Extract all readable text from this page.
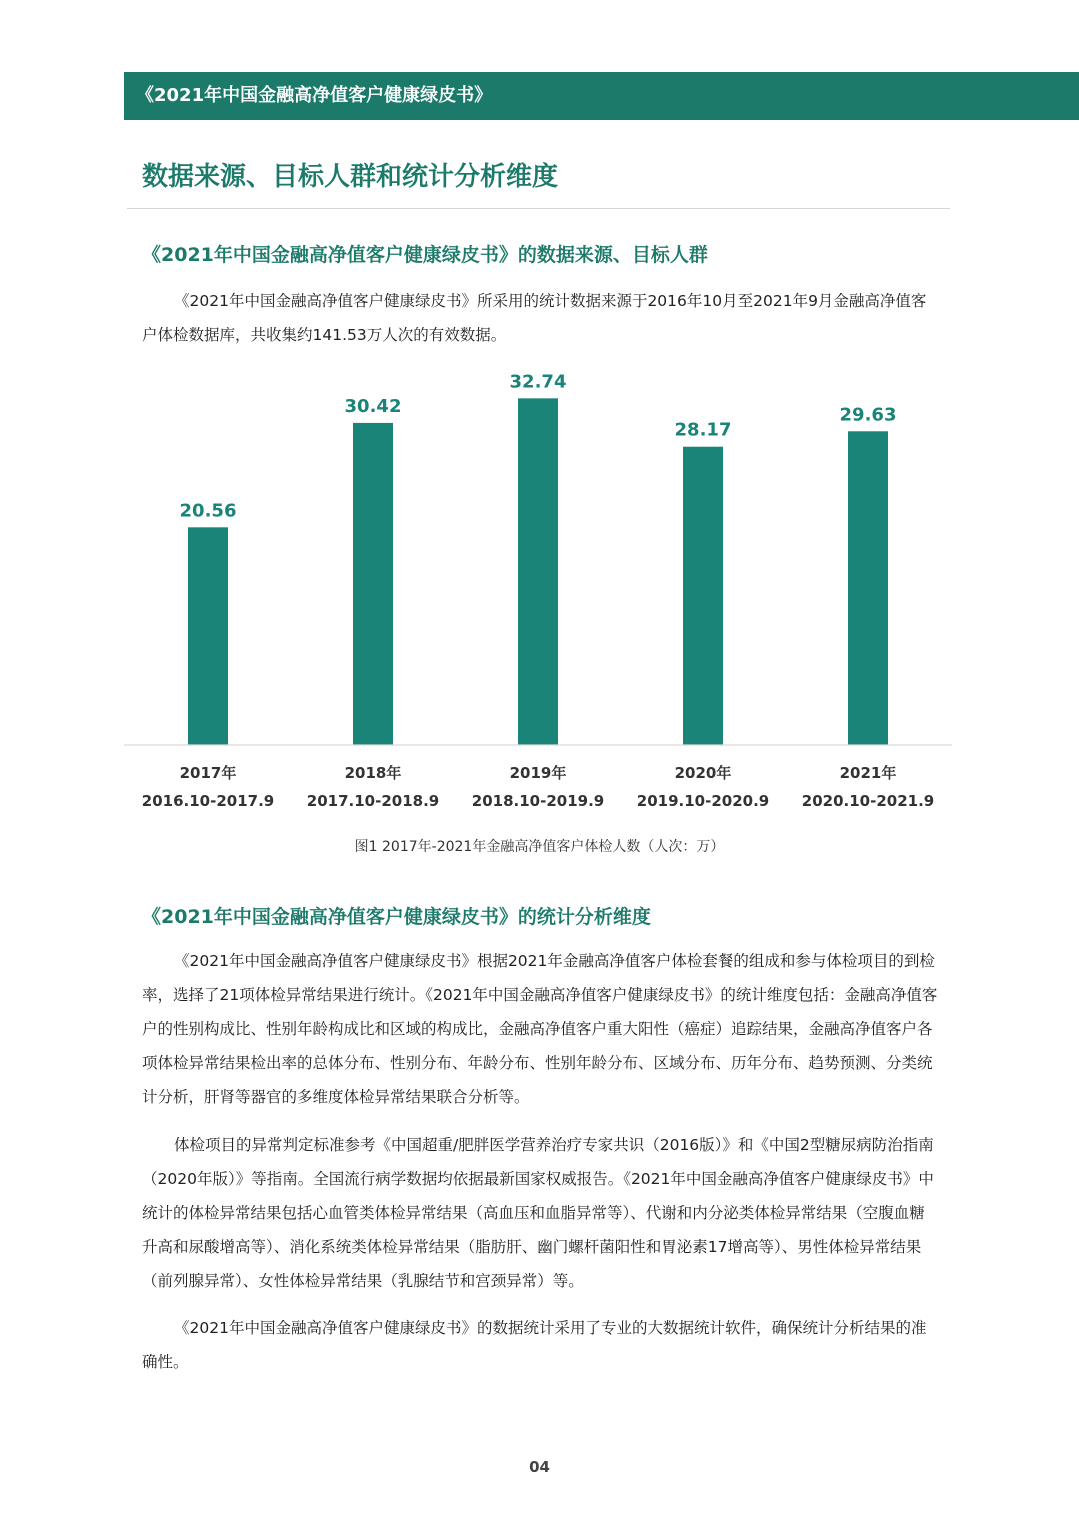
《2021年中国金融高净值客户健康绿皮书》
数据来源、目标人群和统计分析维度
《2021年中国金融高净值客户健康绿皮书》的数据来源、目标人群

《2021年中国金融高净值客户健康绿皮书》所采用的统计数据来源于2016年10月至2021年9月金融高净值客户体检数据库，共收集约141.53万人次的有效数据。

20.56
2017年
2016.10-2017.9
30.42
2018年
2017.10-2018.9
32.74
2019年
2018.10-2019.9
28.17
2020年
2019.10-2020.9
29.63
2021年
2020.10-2021.9
图1 2017年-2021年金融高净值客户体检人数（人次：万）
《2021年中国金融高净值客户健康绿皮书》的统计分析维度

《2021年中国金融高净值客户健康绿皮书》根据2021年金融高净值客户体检套餐的组成和参与体检项目的到检率，选择了21项体检异常结果进行统计。《2021年中国金融高净值客户健康绿皮书》的统计维度包括：金融高净值客户的性别构成比、性别年龄构成比和区域的构成比，金融高净值客户重大阳性（癌症）追踪结果，金融高净值客户各项体检异常结果检出率的总体分布、性别分布、年龄分布、性别年龄分布、区域分布、历年分布、趋势预测、分类统计分析，肝肾等器官的多维度体检异常结果联合分析等。

体检项目的异常判定标准参考《中国超重/肥胖医学营养治疗专家共识（2016版）》和《中国2型糖尿病防治指南（2020年版）》等指南。全国流行病学数据均依据最新国家权威报告。《2021年中国金融高净值客户健康绿皮书》中统计的体检异常结果包括心血管类体检异常结果（高血压和血脂异常等）、代谢和内分泌类体检异常结果（空腹血糖升高和尿酸增高等）、消化系统类体检异常结果（脂肪肝、幽门螺杆菌阳性和胃泌素17增高等）、男性体检异常结果（前列腺异常）、女性体检异常结果（乳腺结节和宫颈异常）等。

《2021年中国金融高净值客户健康绿皮书》的数据统计采用了专业的大数据统计软件，确保统计分析结果的准确性。

04
